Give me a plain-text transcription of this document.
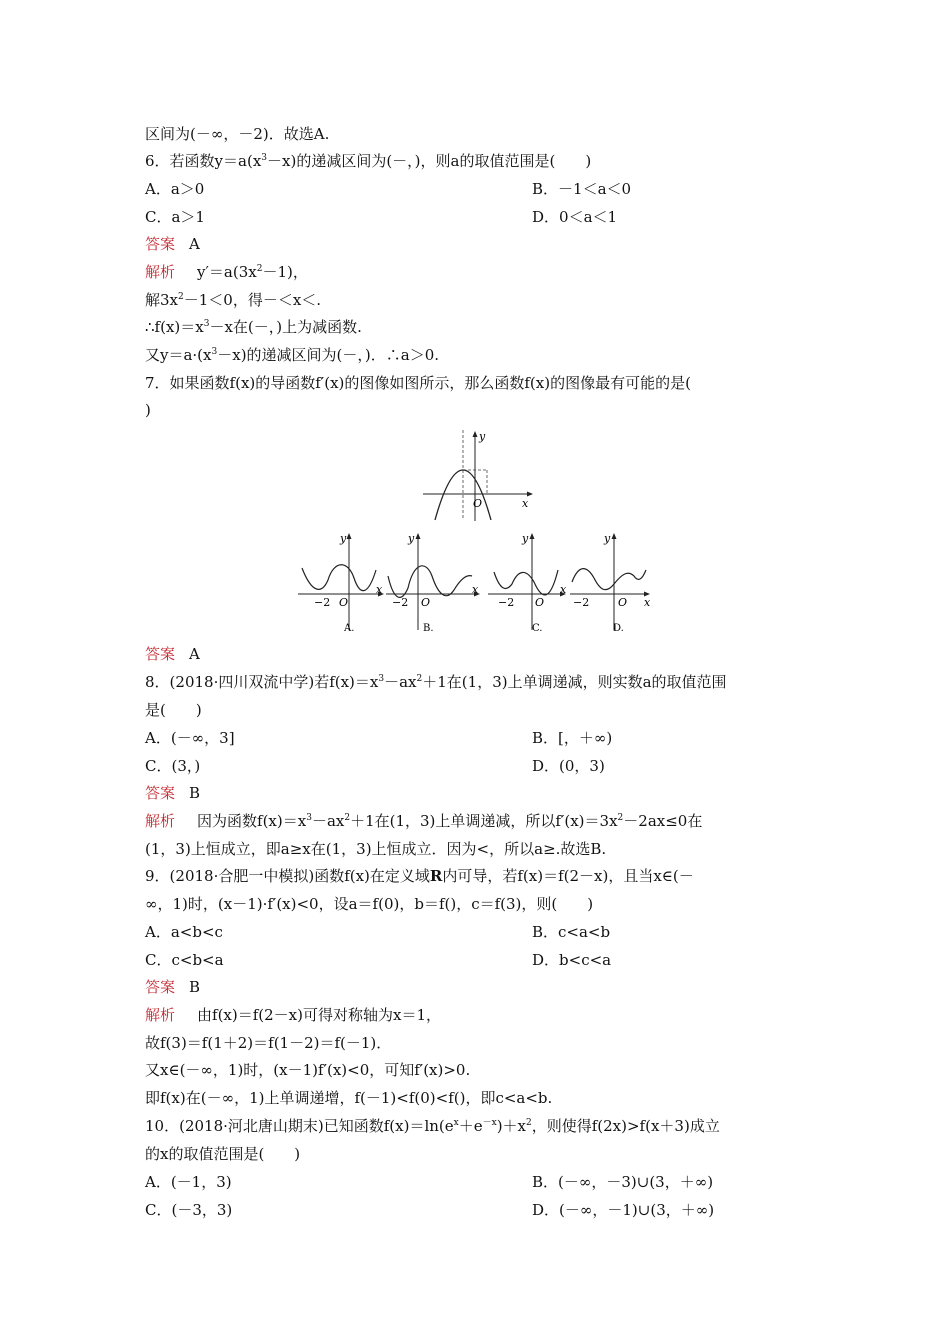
区间为(－∞，－2)．故选A.
6．若函数$y=a(x^3-x)$的递减区间为(－，)，则a的取值范围是(　　)
A．a＞0	B．－1＜a＜0
C．a＞1	D．0＜a＜1
答案 A
解析 $y'=a(3x^2-1)$，
解$3x^2-1<0$，得－＜x＜.
$\therefore f(x)=x^3-x$在(－，)上为减函数.
又$y=a\cdot(x^3-x)$的递减区间为(－，)．∴a＞0.
7．如果函数f(x)的导函数f′(x)的图像如图所示，那么函数f(x)的图像最有可能的是(
)
y
x
O
y
x
O
−2
A.
y
x
O
−2
B.
y
x
O
−2
C.
y
x
O
−2
D.
答案 A
8．(2018·四川双流中学)若$f(x)=x^3-ax^2+1$在(1，3)上单调递减，则实数a的取值范围
是(　　)
A．(－∞，3]	B．[，＋∞)
C．(3，)	D．(0，3)
答案 B
解析 因为函数$f(x)=x^3-ax^2+1$在(1，3)上单调递减，所以$f'(x)=3x^2-2ax\le 0$在
(1，3)上恒成立，即a≥x在(1，3)上恒成立．因为<，所以a≥.故选B.
9．(2018·合肥一中模拟)函数f(x)在定义域R内可导，若f(x)＝f(2－x)，且当x∈(－
∞，1)时，(x－1)·f′(x)<0，设a＝f(0)，b＝f()，c＝f(3)，则(　　)
A．a<b<c	B．c<a<b
C．c<b<a	D．b<c<a
答案 B
解析 由f(x)＝f(2－x)可得对称轴为x＝1，
故f(3)＝f(1＋2)＝f(1－2)＝f(－1)．
又x∈(－∞，1)时，(x－1)f′(x)<0，可知f′(x)>0.
即f(x)在(－∞，1)上单调递增，f(－1)<f(0)<f()，即c<a<b.
10．(2018·河北唐山期末)已知函数$f(x)=\ln(e^x+e^{-x})+x^2$，则使得f(2x)>f(x＋3)成立
的x的取值范围是(　　)
A．(－1，3)	B．(－∞，－3)∪(3，＋∞)
C．(－3，3)	D．(－∞，－1)∪(3，＋∞)
